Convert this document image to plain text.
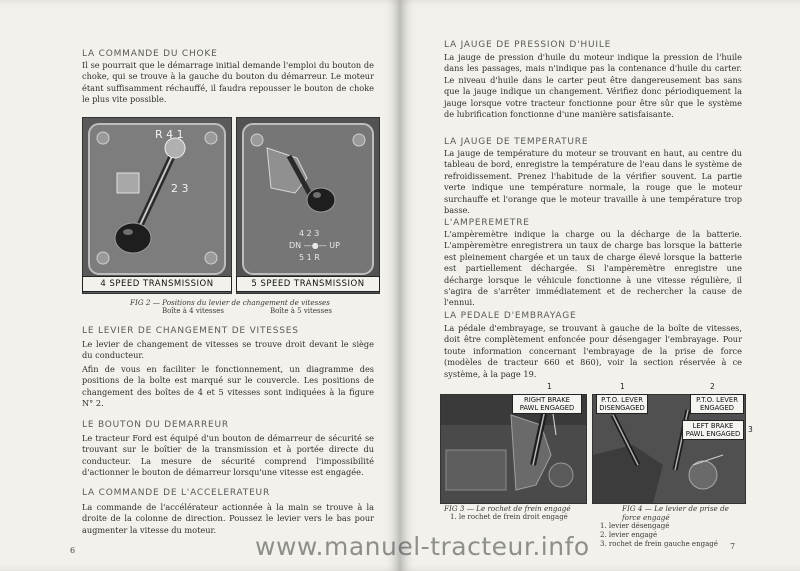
LA COMMANDE DU CHOKE
Il se pourrait que le démarrage initial demande l'emploi du bouton de choke, qui se trouve à la gauche du bouton du démarreur. Le moteur étant suffisamment réchauffé, il faudra repousser le bouton de choke le plus vite possible.
R 4 1
2 3
4 SPEED TRANSMISSION
4 2 3
DN —●— UP
5 1 R
5 SPEED TRANSMISSION
FIG 2 — Positions du levier de changement de vitesses
Boîte à 4 vitesses	Boîte à 5 vitesses
LE LEVIER DE CHANGEMENT DE VITESSES
Le levier de changement de vitesses se trouve droit devant le siège du conducteur.
Afin de vous en faciliter le fonctionnement, un diagramme des positions de la boîte est marqué sur le couvercle. Les positions de changement des boîtes de 4 et 5 vitesses sont indiquées à la figure N° 2.
LE BOUTON DU DEMARREUR
Le tracteur Ford est équipé d'un bouton de démarreur de sécurité se trouvant sur le boîtier de la transmission et à portée directe du conducteur. La mesure de sécurité comprend l'impossibilité d'actionner le bouton de démarreur lorsqu'une vitesse est engagée.
LA COMMANDE DE L'ACCELERATEUR
La commande de l'accélérateur actionnée à la main se trouve à la droite de la colonne de direction. Poussez le levier vers le bas pour augmenter la vitesse du moteur.
6
LA JAUGE DE PRESSION D'HUILE
La jauge de pression d'huile du moteur indique la pression de l'huile dans les passages, mais n'indique pas la contenance d'huile du carter. Le niveau d'huile dans le carter peut être dangereusement bas sans que la jauge indique un changement. Vérifiez donc périodiquement la jauge lorsque votre tracteur fonctionne pour être sûr que le système de lubrification fonctionne d'une manière satisfaisante.
LA JAUGE DE TEMPERATURE
La jauge de température du moteur se trouvant en haut, au centre du tableau de bord, enregistre la température de l'eau dans le système de refroidissement. Prenez l'habitude de la vérifier souvent. La partie verte indique une température normale, la rouge que le moteur surchauffe et l'orange que le moteur travaille à une température trop basse.
L'AMPEREMETRE
L'ampèremètre indique la charge ou la décharge de la batterie. L'ampèremètre enregistrera un taux de charge bas lorsque la batterie est pleinement chargée et un taux de charge élevé lorsque la batterie est partiellement déchargée. Si l'ampèremètre enregistre une décharge lorsque le véhicule fonctionne à une vitesse régulière, il s'agira de s'arrêter immédiatement et de rechercher la cause de l'ennui.
LA PEDALE D'EMBRAYAGE
La pédale d'embrayage, se trouvant à gauche de la boîte de vitesses, doit être complètement enfoncée pour désengager l'embrayage. Pour toute information concernant l'embrayage de la prise de force (modèles de tracteur 660 et 860), voir la section réservée à ce système, à la page 19.
1
RIGHT BRAKE PAWL ENGAGED
FIG 3 — Le rochet de frein engagé
1. le rochet de frein droit engagé
1	2
3
P.T.O. LEVER DISENGAGED
P.T.O. LEVER ENGAGED
LEFT BRAKE PAWL ENGAGED
FIG 4 — Le levier de prise de force engagé
1. levier désengagé
2. levier engagé
3. rochet de frein gauche engagé 7
www.manuel-tracteur.info
